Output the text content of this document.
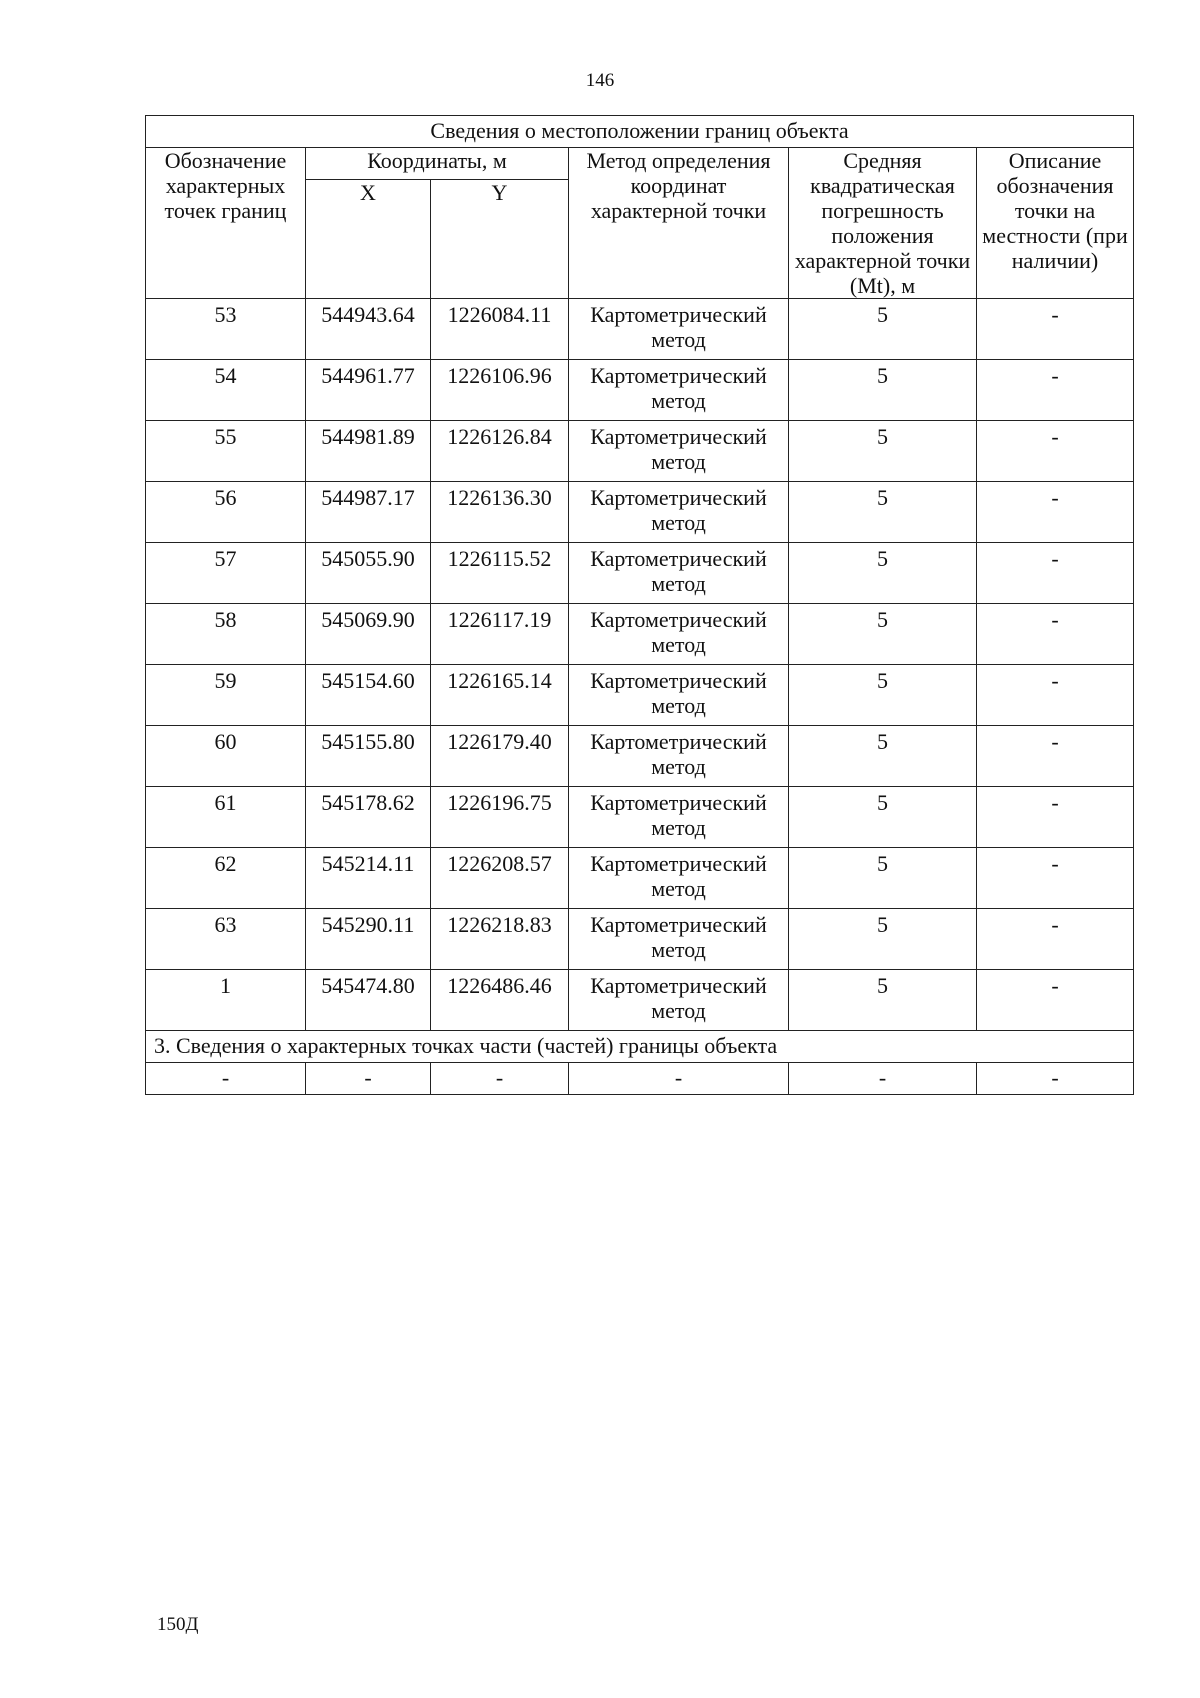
146
Сведения о местоположении границ объекта					
Обозначение характерных точек границ	Координаты, м		Метод определения координат характерной точки	Средняя квадратическая погрешность положения характерной точки (Mt), м	Описание обозначения точки на местности (при наличии)
	X	Y			
53	544943.64	1226084.11	Картометрический метод	5	-
54	544961.77	1226106.96	Картометрический метод	5	-
55	544981.89	1226126.84	Картометрический метод	5	-
56	544987.17	1226136.30	Картометрический метод	5	-
57	545055.90	1226115.52	Картометрический метод	5	-
58	545069.90	1226117.19	Картометрический метод	5	-
59	545154.60	1226165.14	Картометрический метод	5	-
60	545155.80	1226179.40	Картометрический метод	5	-
61	545178.62	1226196.75	Картометрический метод	5	-
62	545214.11	1226208.57	Картометрический метод	5	-
63	545290.11	1226218.83	Картометрический метод	5	-
1	545474.80	1226486.46	Картометрический метод	5	-
3. Сведения о характерных точках части (частей) границы объекта					
-	-	-	-	-	-
150Д
